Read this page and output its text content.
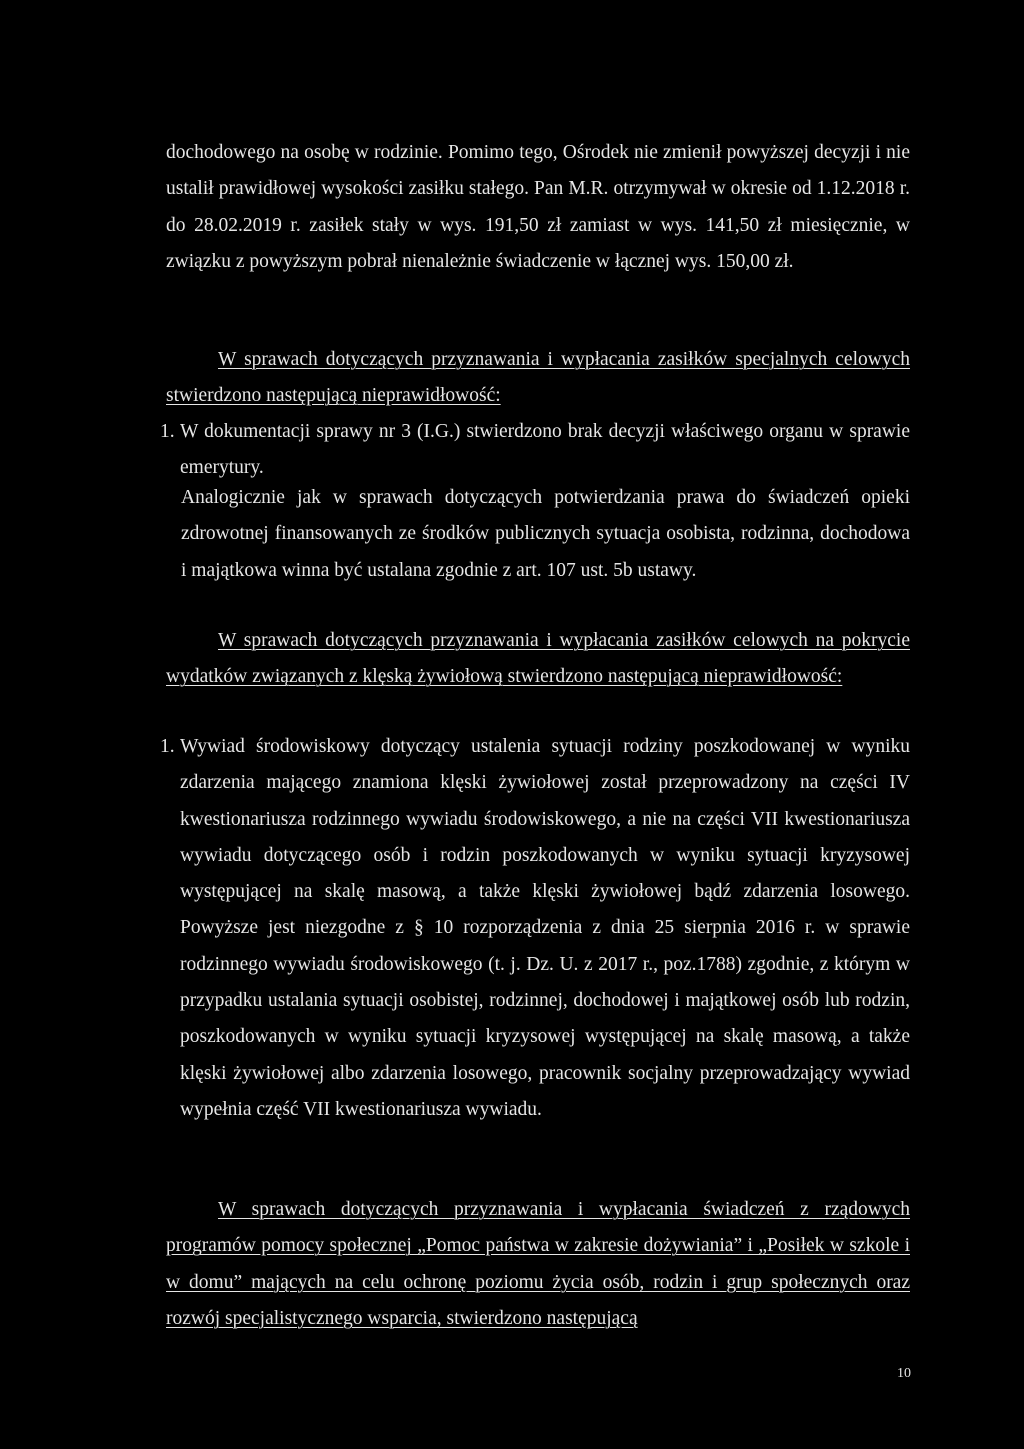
dochodowego na osobę w rodzinie. Pomimo tego, Ośrodek nie zmienił powyższej decyzji i nie ustalił prawidłowej wysokości zasiłku stałego. Pan M.R. otrzymywał w okresie od 1.12.2018 r. do 28.02.2019 r. zasiłek stały w wys. 191,50 zł zamiast w wys. 141,50 zł miesięcznie, w związku z powyższym pobrał nienależnie świadczenie w łącznej wys. 150,00 zł.

W sprawach dotyczących przyznawania i wypłacania zasiłków specjalnych celowych stwierdzono następującą nieprawidłowość:

1. W dokumentacji sprawy nr 3 (I.G.) stwierdzono brak decyzji właściwego organu w sprawie emerytury.

Analogicznie jak w sprawach dotyczących potwierdzania prawa do świadczeń opieki zdrowotnej finansowanych ze środków publicznych sytuacja osobista, rodzinna, dochodowa i majątkowa winna być ustalana zgodnie z art. 107 ust. 5b ustawy.

W sprawach dotyczących przyznawania i wypłacania zasiłków celowych na pokrycie wydatków związanych z klęską żywiołową stwierdzono następującą nieprawidłowość:

1. Wywiad środowiskowy dotyczący ustalenia sytuacji rodziny poszkodowanej w wyniku zdarzenia mającego znamiona klęski żywiołowej został przeprowadzony na części IV kwestionariusza rodzinnego wywiadu środowiskowego, a nie na części VII kwestionariusza wywiadu dotyczącego osób i rodzin poszkodowanych w wyniku sytuacji kryzysowej występującej na skalę masową, a także klęski żywiołowej bądź zdarzenia losowego. Powyższe jest niezgodne z § 10 rozporządzenia z dnia 25 sierpnia 2016 r. w sprawie rodzinnego wywiadu środowiskowego (t. j. Dz. U. z 2017 r., poz.1788) zgodnie, z którym w przypadku ustalania sytuacji osobistej, rodzinnej, dochodowej i majątkowej osób lub rodzin, poszkodowanych w wyniku sytuacji kryzysowej występującej na skalę masową, a także klęski żywiołowej albo zdarzenia losowego, pracownik socjalny przeprowadzający wywiad wypełnia część VII kwestionariusza wywiadu.

W sprawach dotyczących przyznawania i wypłacania świadczeń z rządowych programów pomocy społecznej „Pomoc państwa w zakresie dożywiania” i „Posiłek w szkole i w domu” mających na celu ochronę poziomu życia osób, rodzin i grup społecznych oraz rozwój specjalistycznego wsparcia, stwierdzono następującą

10
